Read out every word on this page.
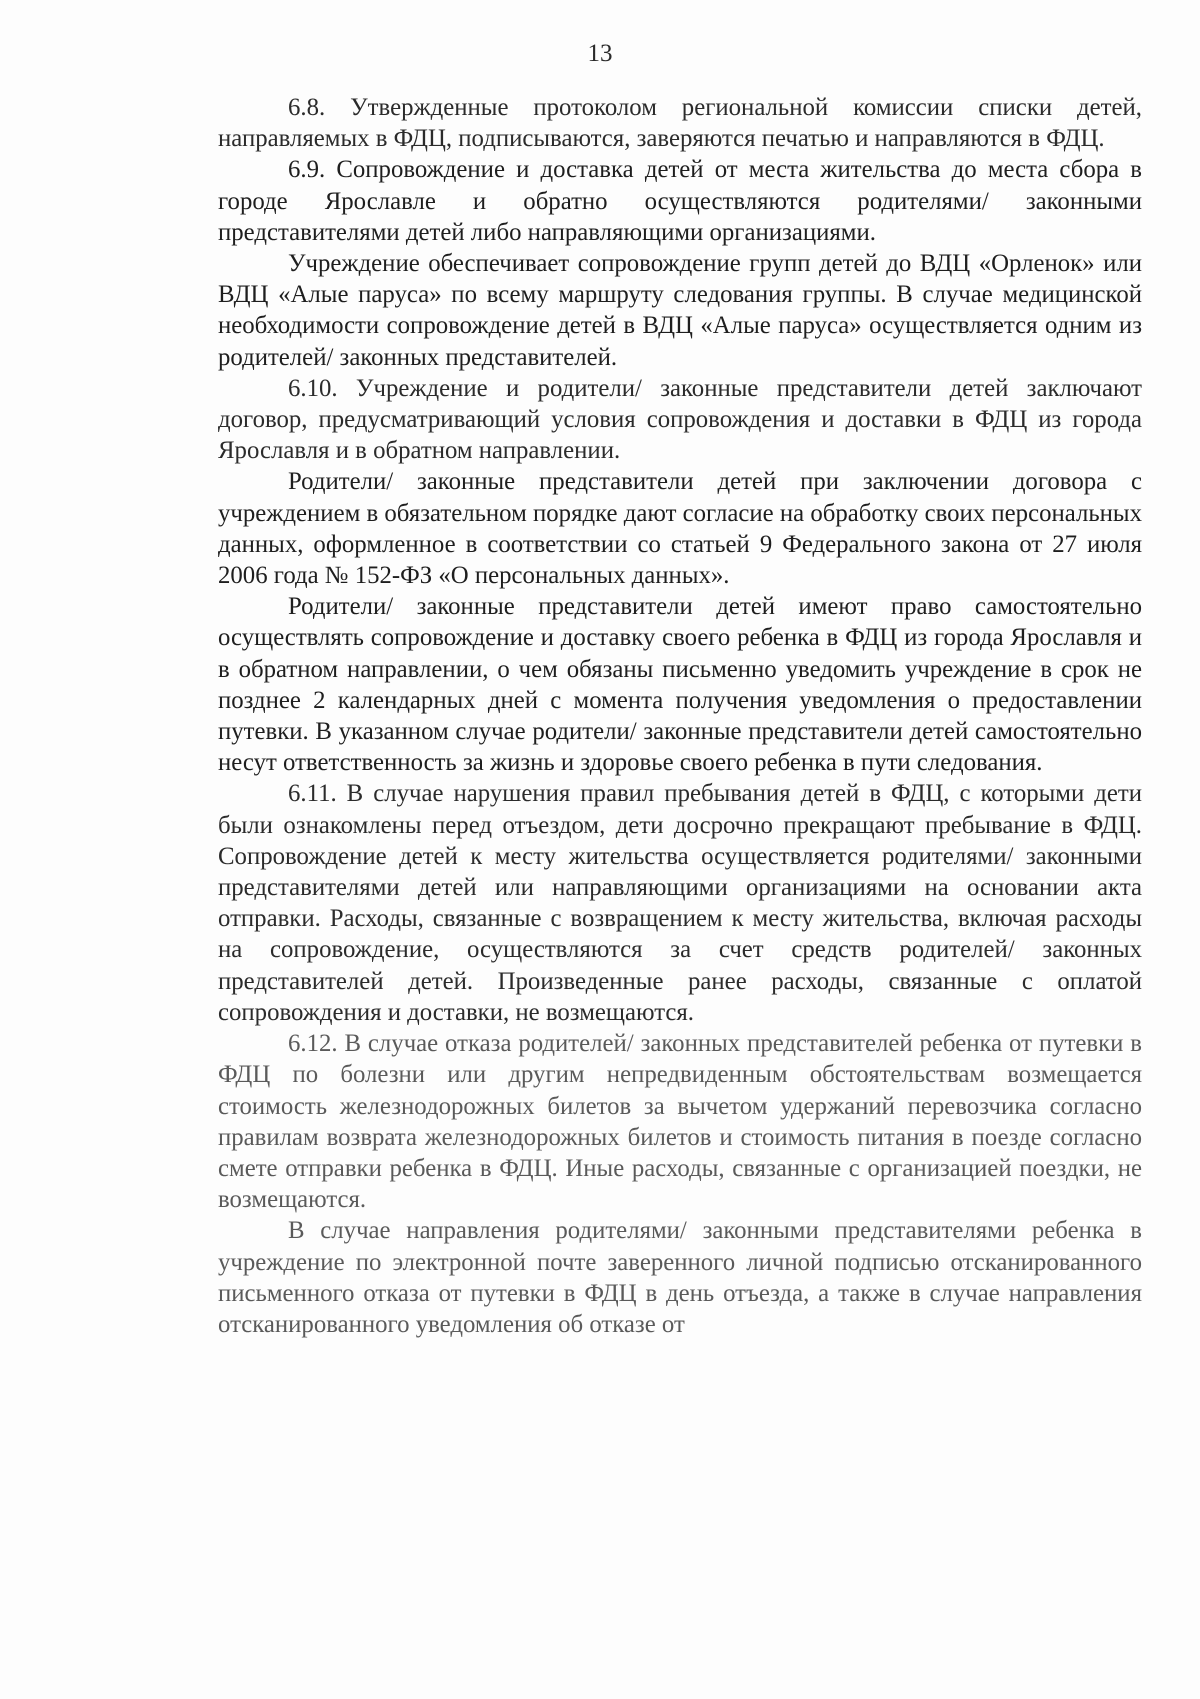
13

6.8. Утвержденные протоколом региональной комиссии списки детей, направляемых в ФДЦ, подписываются, заверяются печатью и направляются в ФДЦ.

6.9. Сопровождение и доставка детей от места жительства до места сбора в городе Ярославле и обратно осуществляются родителями/ законными представителями детей либо направляющими организациями.

Учреждение обеспечивает сопровождение групп детей до ВДЦ «Орленок» или ВДЦ «Алые паруса» по всему маршруту следования группы. В случае медицинской необходимости сопровождение детей в ВДЦ «Алые паруса» осуществляется одним из родителей/ законных представителей.

6.10. Учреждение и родители/ законные представители детей заключают договор, предусматривающий условия сопровождения и доставки в ФДЦ из города Ярославля и в обратном направлении.

Родители/ законные представители детей при заключении договора с учреждением в обязательном порядке дают согласие на обработку своих персональных данных, оформленное в соответствии со статьей 9 Федерального закона от 27 июля 2006 года № 152-ФЗ «О персональных данных».

Родители/ законные представители детей имеют право самостоятельно осуществлять сопровождение и доставку своего ребенка в ФДЦ из города Ярославля и в обратном направлении, о чем обязаны письменно уведомить учреждение в срок не позднее 2 календарных дней с момента получения уведомления о предоставлении путевки. В указанном случае родители/ законные представители детей самостоятельно несут ответственность за жизнь и здоровье своего ребенка в пути следования.

6.11. В случае нарушения правил пребывания детей в ФДЦ, с которыми дети были ознакомлены перед отъездом, дети досрочно прекращают пребывание в ФДЦ. Сопровождение детей к месту жительства осуществляется родителями/ законными представителями детей или направляющими организациями на основании акта отправки. Расходы, связанные с возвращением к месту жительства, включая расходы на сопровождение, осуществляются за счет средств родителей/ законных представителей детей. Произведенные ранее расходы, связанные с оплатой сопровождения и доставки, не возмещаются.

6.12. В случае отказа родителей/ законных представителей ребенка от путевки в ФДЦ по болезни или другим непредвиденным обстоятельствам возмещается стоимость железнодорожных билетов за вычетом удержаний перевозчика согласно правилам возврата железнодорожных билетов и стоимость питания в поезде согласно смете отправки ребенка в ФДЦ. Иные расходы, связанные с организацией поездки, не возмещаются.

В случае направления родителями/ законными представителями ребенка в учреждение по электронной почте заверенного личной подписью отсканированного письменного отказа от путевки в ФДЦ в день отъезда, а также в случае направления отсканированного уведомления об отказе от
